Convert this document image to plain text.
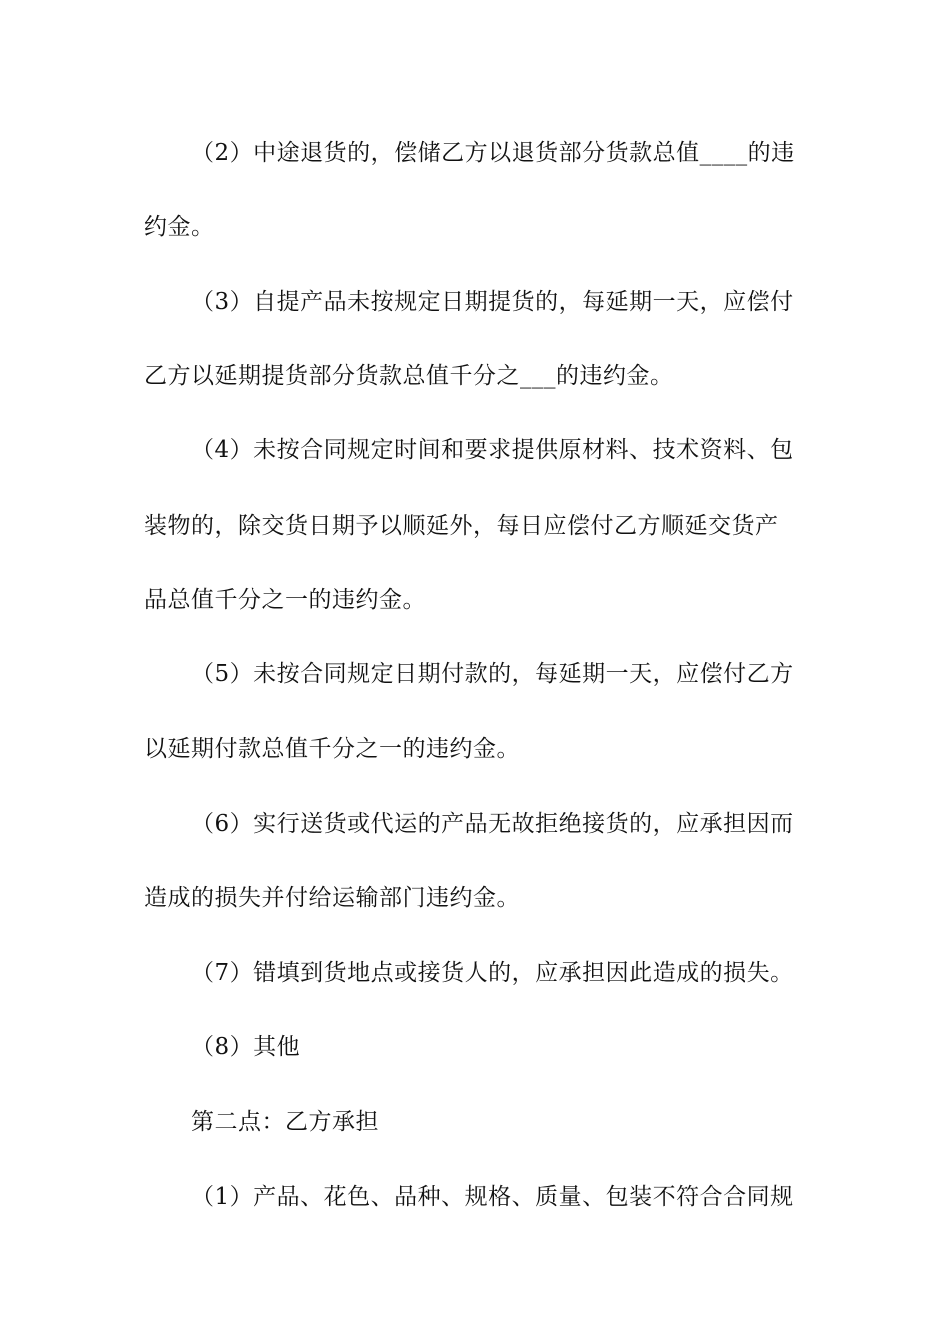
（2）中途退货的，偿储乙方以退货部分货款总值____的违
约金。
（3）自提产品未按规定日期提货的，每延期一天，应偿付
乙方以延期提货部分货款总值千分之___的违约金。
（4）未按合同规定时间和要求提供原材料、技术资料、包
装物的，除交货日期予以顺延外，每日应偿付乙方顺延交货产
品总值千分之一的违约金。
（5）未按合同规定日期付款的，每延期一天，应偿付乙方
以延期付款总值千分之一的违约金。
（6）实行送货或代运的产品无故拒绝接货的，应承担因而
造成的损失并付给运输部门违约金。
（7）错填到货地点或接货人的，应承担因此造成的损失。
（8）其他
第二点：乙方承担
（1）产品、花色、品种、规格、质量、包装不符合合同规
